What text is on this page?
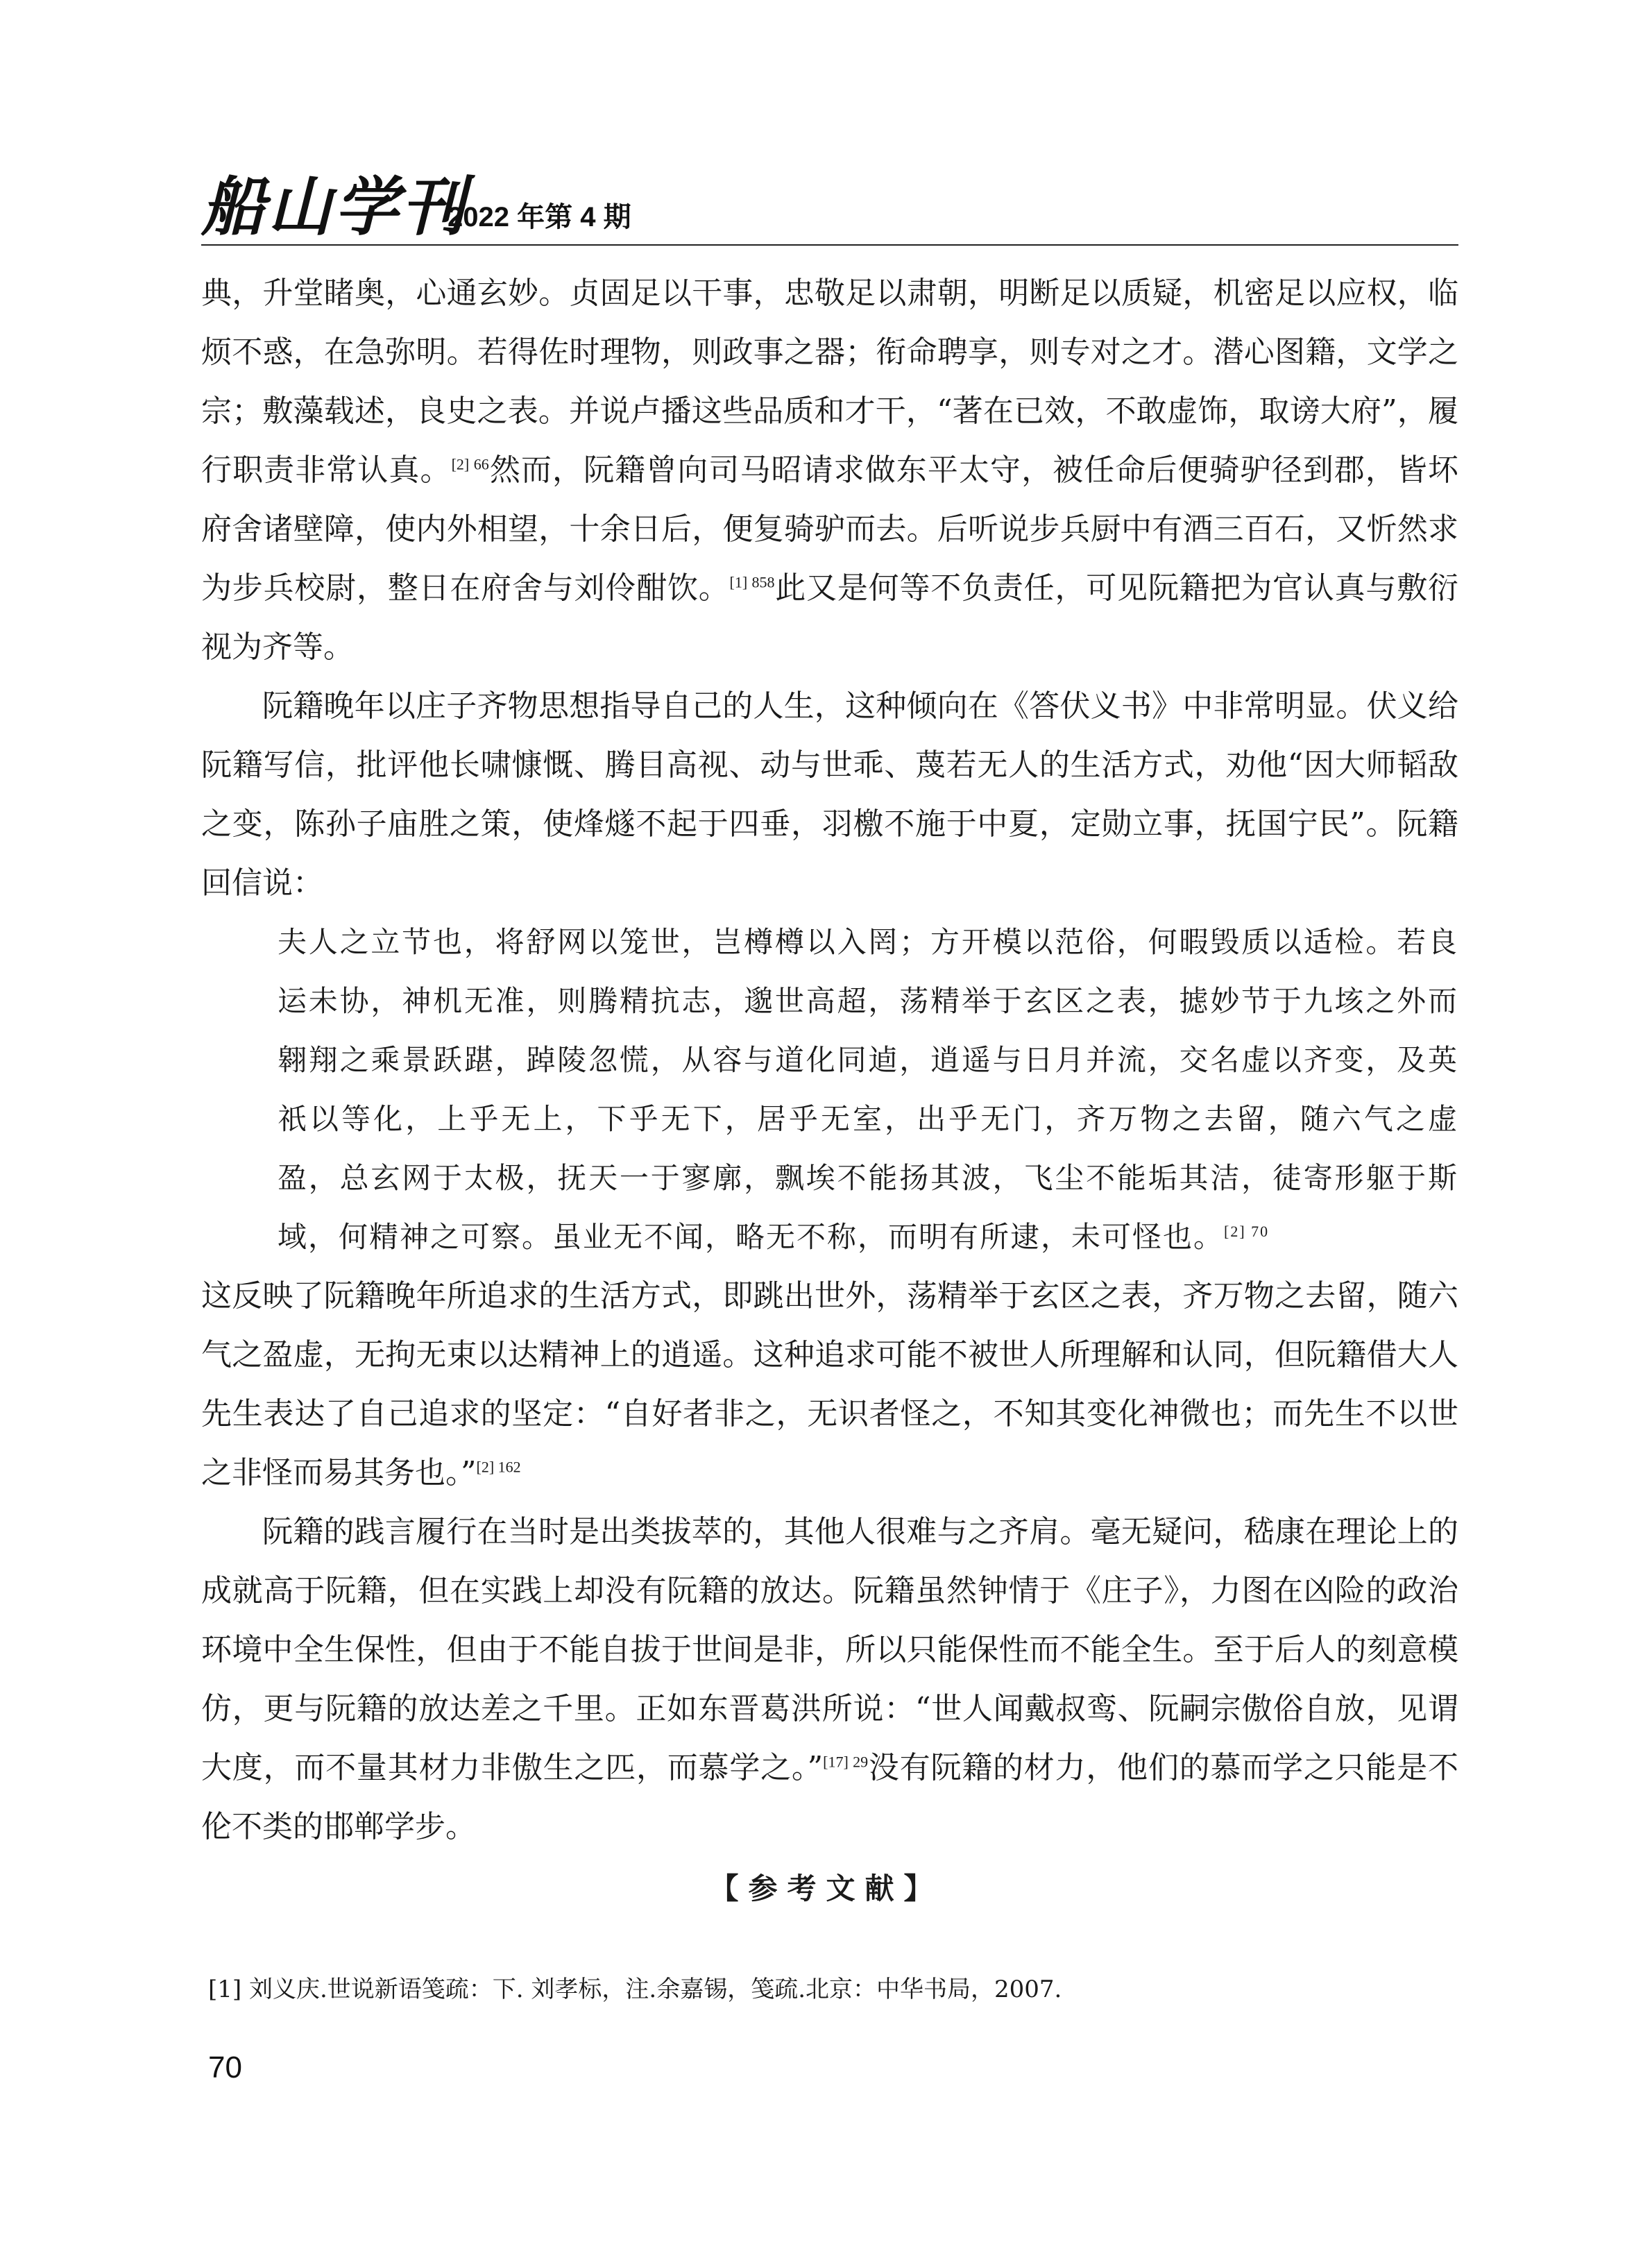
船山学刊
2022 年第 4 期

典，升堂睹奥，心通玄妙。贞固足以干事，忠敬足以肃朝，明断足以质疑，机密足以应权，临烦不惑，在急弥明。若得佐时理物，则政事之器；衔命聘享，则专对之才。潜心图籍，文学之宗；敷藻载述，良史之表。并说卢播这些品质和才干，“著在已效，不敢虚饰，取谤大府”，履行职责非常认真。$^{[2] 66}$然而，阮籍曾向司马昭请求做东平太守，被任命后便骑驴径到郡，皆坏府舍诸壁障，使内外相望，十余日后，便复骑驴而去。后听说步兵厨中有酒三百石，又忻然求为步兵校尉，整日在府舍与刘伶酣饮。$^{[1] 858}$此又是何等不负责任，可见阮籍把为官认真与敷衍视为齐等。

阮籍晚年以庄子齐物思想指导自己的人生，这种倾向在《答伏义书》中非常明显。伏义给阮籍写信，批评他长啸慷慨、腾目高视、动与世乖、蔑若无人的生活方式，劝他“因大师韬敌之变，陈孙子庙胜之策，使烽燧不起于四垂，羽檄不施于中夏，定勋立事，抚国宁民”。阮籍回信说：

夫人之立节也，将舒网以笼世，岂樽樽以入罔；方开模以范俗，何暇毁质以适检。若良运未协，神机无准，则腾精抗志，邈世高超，荡精举于玄区之表，摅妙节于九垓之外而翱翔之乘景跃踸，踔陵忽慌，从容与道化同逌，逍遥与日月并流，交名虚以齐变，及英祇以等化，上乎无上，下乎无下，居乎无室，出乎无门，齐万物之去留，随六气之虚盈，总玄网于太极，抚天一于寥廓，飘埃不能扬其波，飞尘不能垢其洁，徒寄形躯于斯域，何精神之可察。虽业无不闻，略无不称，而明有所逮，未可怪也。$^{[2] 70}$

这反映了阮籍晚年所追求的生活方式，即跳出世外，荡精举于玄区之表，齐万物之去留，随六气之盈虚，无拘无束以达精神上的逍遥。这种追求可能不被世人所理解和认同，但阮籍借大人先生表达了自己追求的坚定：“自好者非之，无识者怪之，不知其变化神微也；而先生不以世之非怪而易其务也。”$^{[2] 162}$

阮籍的践言履行在当时是出类拔萃的，其他人很难与之齐肩。毫无疑问，嵇康在理论上的成就高于阮籍，但在实践上却没有阮籍的放达。阮籍虽然钟情于《庄子》，力图在凶险的政治环境中全生保性，但由于不能自拔于世间是非，所以只能保性而不能全生。至于后人的刻意模仿，更与阮籍的放达差之千里。正如东晋葛洪所说：“世人闻戴叔鸾、阮嗣宗傲俗自放，见谓大度，而不量其材力非傲生之匹，而慕学之。”$^{[17] 29}$没有阮籍的材力，他们的慕而学之只能是不伦不类的邯郸学步。

【参考文献】
[1] 刘义庆.世说新语笺疏：下. 刘孝标，注.余嘉锡，笺疏.北京：中华书局，2007.
70
